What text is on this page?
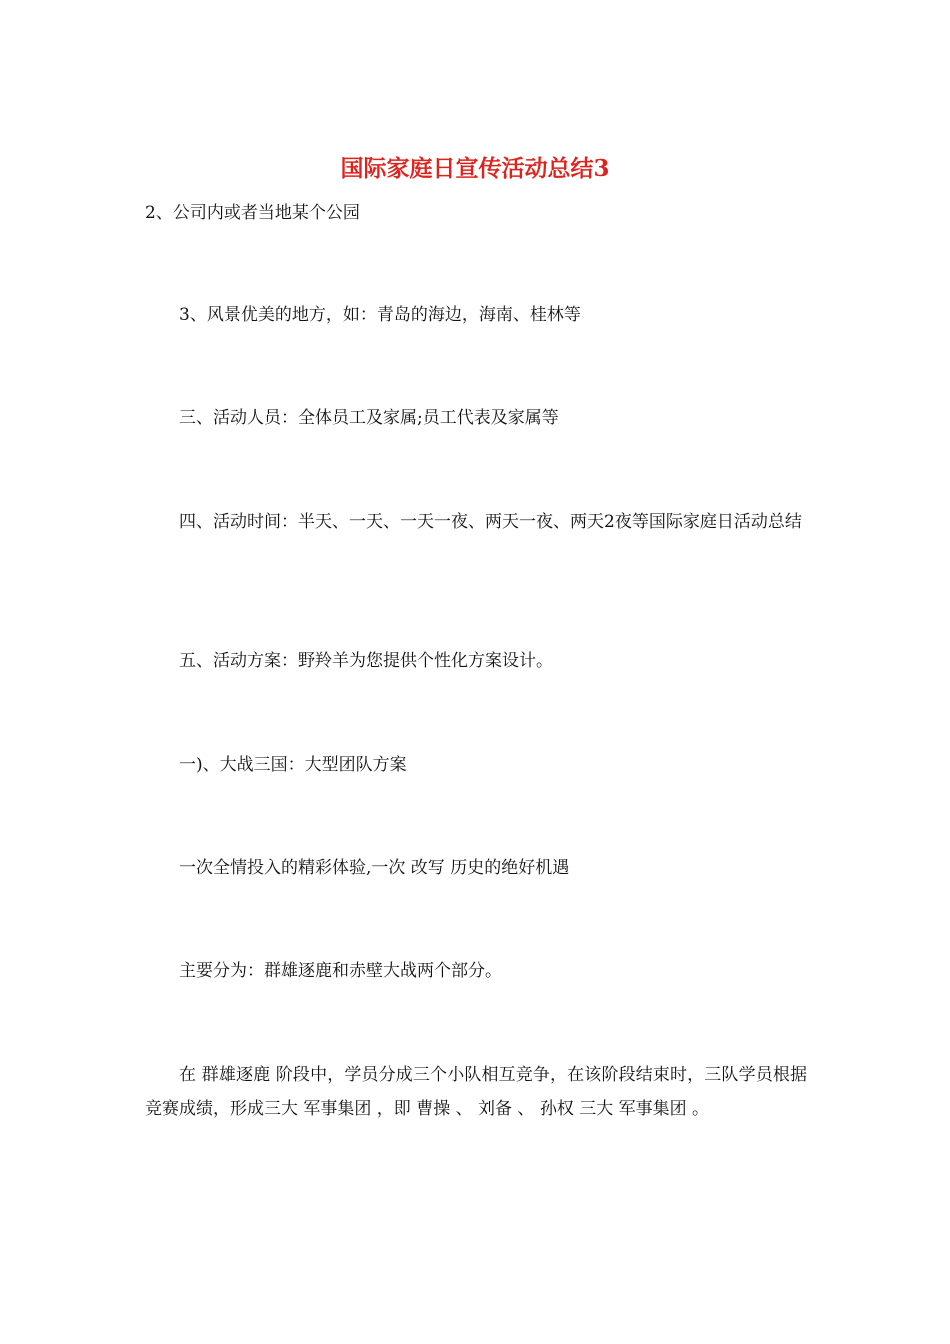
国际家庭日宣传活动总结3

2、公司内或者当地某个公园

3、风景优美的地方，如：青岛的海边，海南、桂林等

三、活动人员：全体员工及家属;员工代表及家属等

四、活动时间：半天、一天、一天一夜、两天一夜、两天2夜等国际家庭日活动总结

五、活动方案：野羚羊为您提供个性化方案设计。

一)、大战三国：大型团队方案

一次全情投入的精彩体验,一次 改写 历史的绝好机遇

主要分为：群雄逐鹿和赤壁大战两个部分。

在 群雄逐鹿 阶段中，学员分成三个小队相互竞争，在该阶段结束时，三队学员根据竞赛成绩，形成三大 军事集团 ，即 曹操 、 刘备 、 孙权 三大 军事集团 。
